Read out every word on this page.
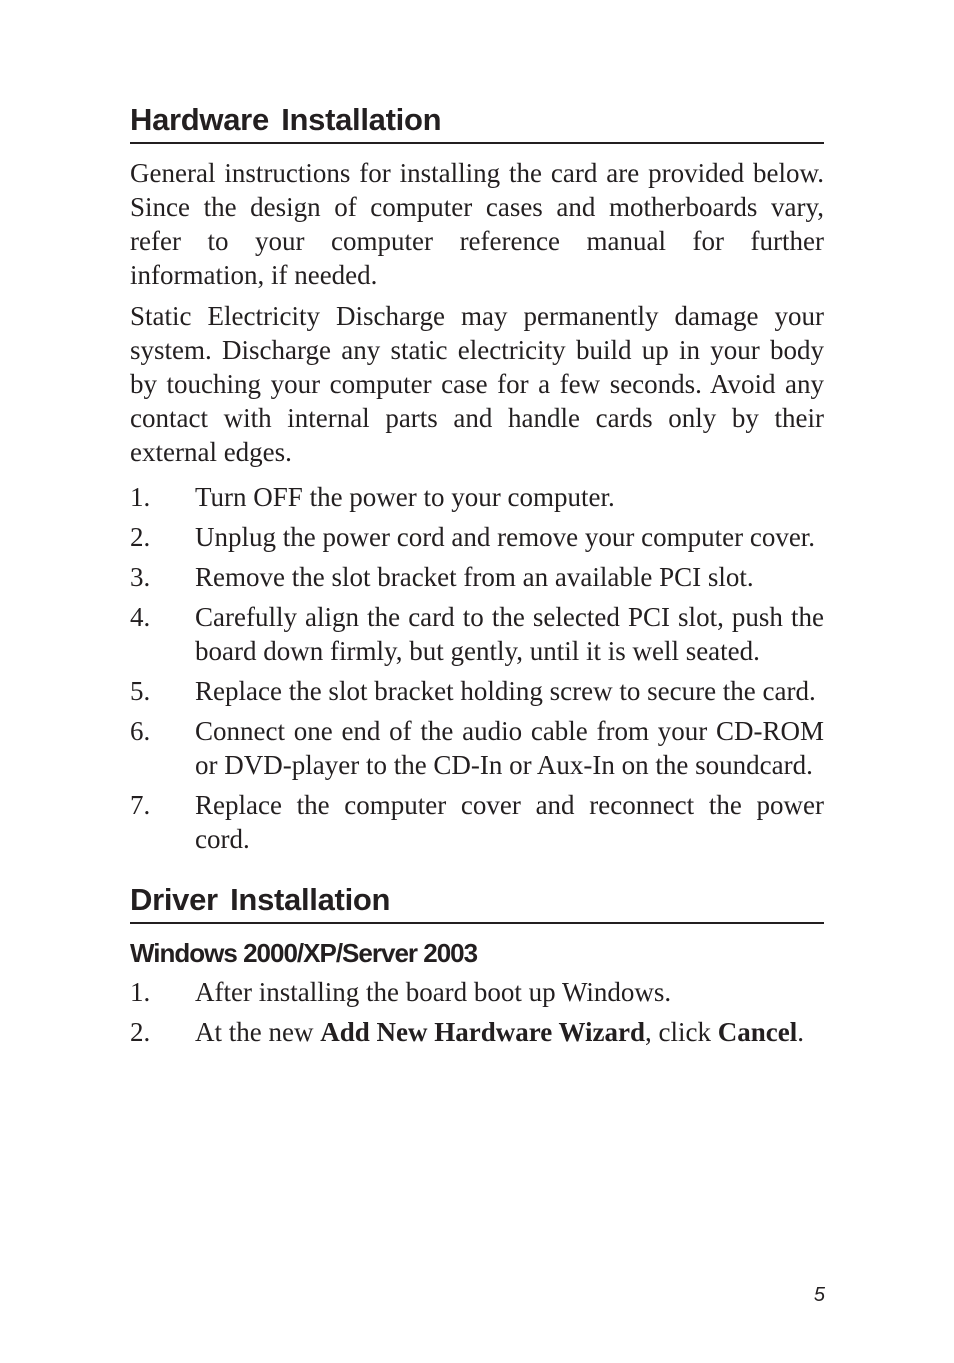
Hardware Installation

General instructions for installing the card are provided below. Since the design of computer cases and motherboards vary, refer to your computer reference manual for further information, if needed.

Static Electricity Discharge may permanently damage your system. Discharge any static electricity build up in your body by touching your computer case for a few seconds. Avoid any contact with internal parts and handle cards only by their external edges.

1.	Turn OFF the power to your computer.
2.	Unplug the power cord and remove your computer cover.
3.	Remove the slot bracket from an available PCI slot.
4.	Carefully align the card to the selected PCI slot, push the board down firmly, but gently, until it is well seated.
5.	Replace the slot bracket holding screw to secure the card.
6.	Connect one end of the audio cable from your CD-ROM or DVD-player to the CD-In or Aux-In on the soundcard.
7.	Replace the computer cover and reconnect the power cord.
Driver Installation
Windows 2000/XP/Server 2003
1.	After installing the board boot up Windows.
2.	At the new Add New Hardware Wizard, click Cancel.
5
